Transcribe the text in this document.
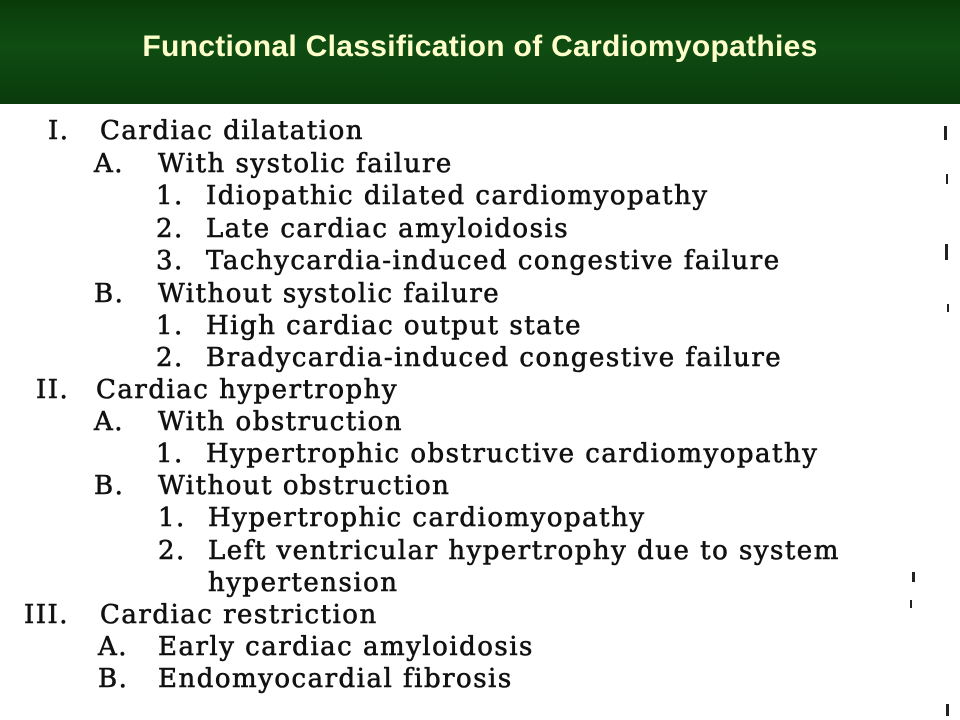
Functional Classification of Cardiomyopathies
I. Cardiac dilatation
A. With systolic failure
1. Idiopathic dilated cardiomyopathy
2. Late cardiac amyloidosis
3. Tachycardia-induced congestive failure
B. Without systolic failure
1. High cardiac output state
2. Bradycardia-induced congestive failure
II. Cardiac hypertrophy
A. With obstruction
1. Hypertrophic obstructive cardiomyopathy
B. Without obstruction
1. Hypertrophic cardiomyopathy
2. Left ventricular hypertrophy due to system
hypertension
III. Cardiac restriction
A. Early cardiac amyloidosis
B. Endomyocardial fibrosis
